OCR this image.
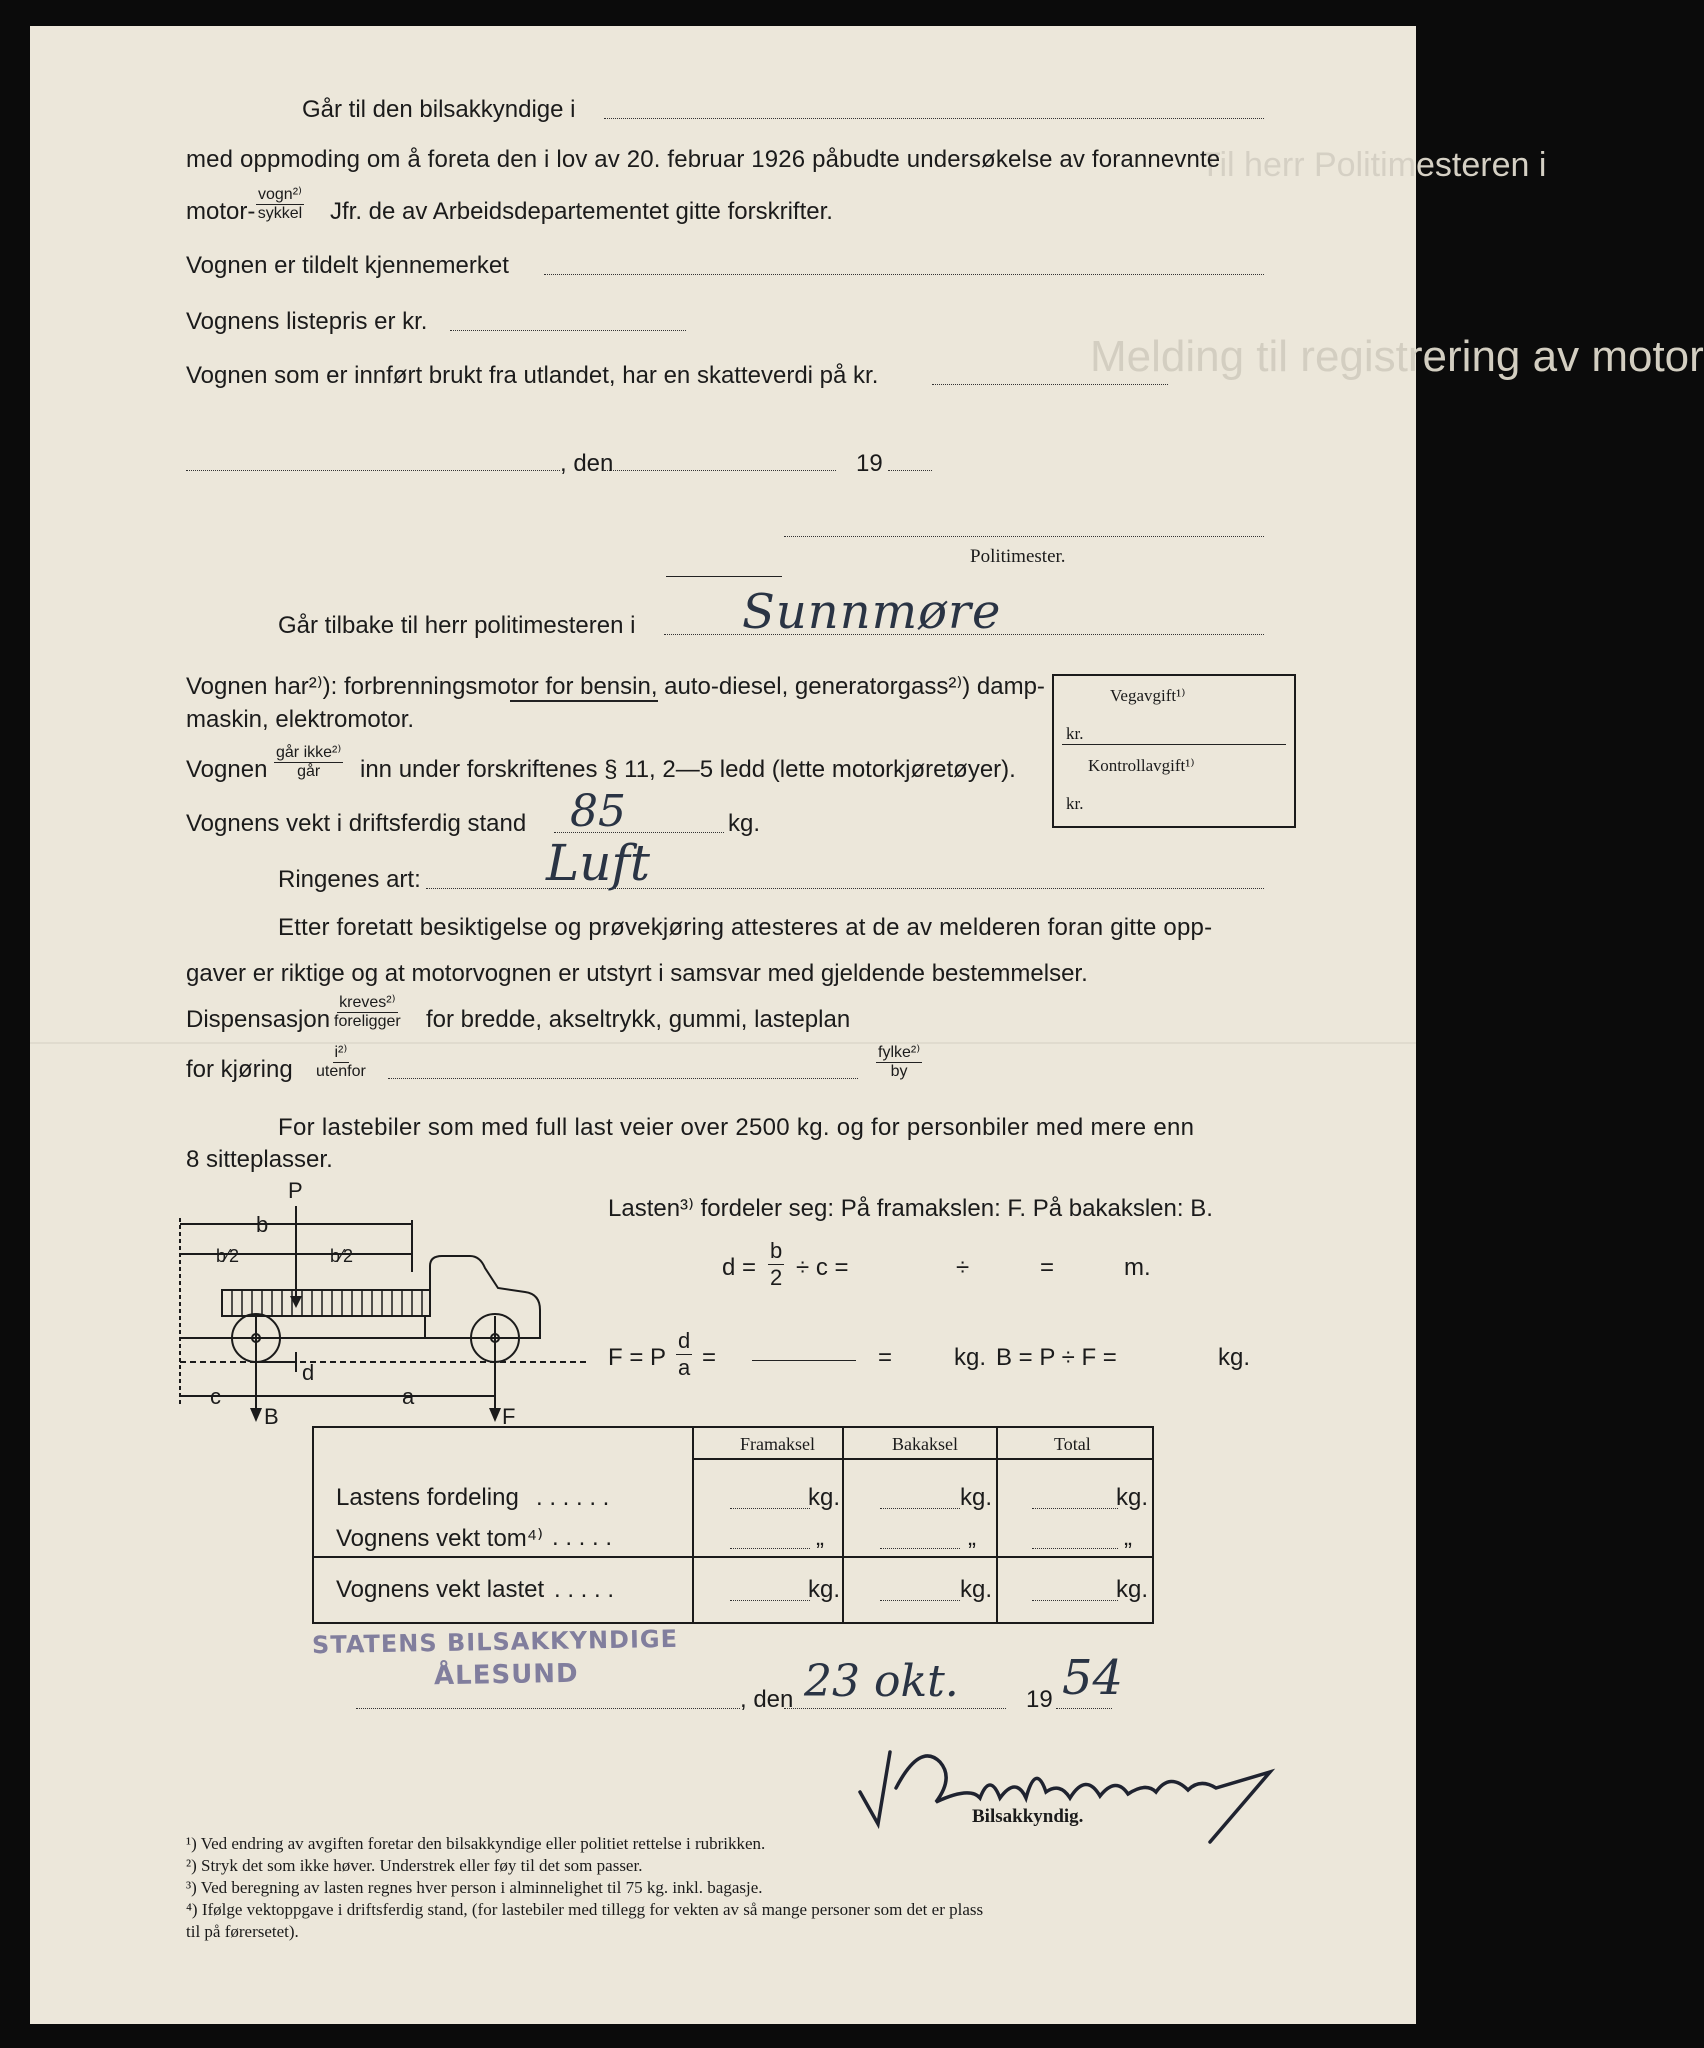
Til herr Politimesteren i
Melding til registrering av motor
Går til den bilsakkyndige i
med oppmoding om å foreta den i lov av 20. februar 1926 påbudte undersøkelse av forannevnte
motor-
vogn²⁾
sykkel Jfr. de av Arbeidsdepartementet gitte forskrifter.
Vognen er tildelt kjennemerket
Vognens listepris er kr.
Vognen som er innført brukt fra utlandet, har en skatteverdi på kr.
, den	19
Politimester.
Går tilbake til herr politimesteren i Sunnmøre
Vognen har²⁾): forbrenningsmotor for bensin, auto-diesel, generatorgass²⁾) damp-
maskin, elektromotor.
Vognen
går ikke²⁾
går inn under forskriftenes § 11, 2—5 ledd (lette motorkjøretøyer).
Vognens vekt i driftsferdig stand 85	kg.
Ringenes art:	Luft
Vegavgift¹⁾
kr.
Kontrollavgift¹⁾
kr.
Etter foretatt besiktigelse og prøvekjøring attesteres at de av melderen foran gitte opp-
gaver er riktige og at motorvognen er utstyrt i samsvar med gjeldende bestemmelser.
Dispensasjon
kreves²⁾
foreligger for bredde, akseltrykk, gummi, lasteplan
for kjøring
i²⁾
utenfor
fylke²⁾
by
For lastebiler som med full last veier over 2500 kg. og for personbiler med mere enn
8 sitteplasser.
Lasten³⁾ fordeler seg: På framakslen: F. På bakakslen: B.
$d = \frac{b}{2} \div c$ =	÷	=	m.
F = P $\frac{d}{a}$ =	=	kg. B = P ÷ F =	kg.
P
b
b⁄2	b⁄2
d
c	a
B	F
Framaksel	Bakaksel	Total
Lastens fordeling . . . . . .	kg.	kg.	kg.
Vognens vekt tom⁴⁾ . . . . .	„	„	„
Vognens vekt lastet . . . . .	kg.	kg.	kg.
STATENS BILSAKKYNDIGE
ÅLESUND
, den 23 okt.	19 54
Bilsakkyndig.
¹) Ved endring av avgiften foretar den bilsakkyndige eller politiet rettelse i rubrikken.
²) Stryk det som ikke høver. Understrek eller føy til det som passer.
³) Ved beregning av lasten regnes hver person i alminnelighet til 75 kg. inkl. bagasje.
⁴) Ifølge vektoppgave i driftsferdig stand, (for lastebiler med tillegg for vekten av så mange personer som det er plass
til på førersetet).
